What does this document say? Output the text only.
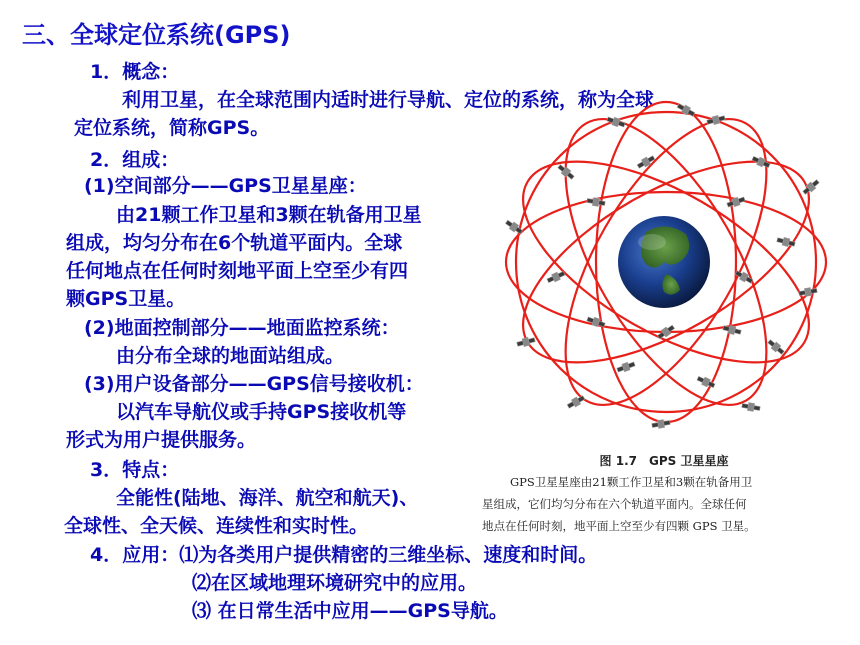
三、全球定位系统(GPS)
1．概念：
利用卫星，在全球范围内适时进行导航、定位的系统，称为全球
定位系统，简称GPS。
2．组成：
(1)空间部分——GPS卫星星座：
由21颗工作卫星和3颗在轨备用卫星
组成，均匀分布在6个轨道平面内。全球
任何地点在任何时刻地平面上空至少有四
颗GPS卫星。
(2)地面控制部分——地面监控系统：
由分布全球的地面站组成。
(3)用户设备部分——GPS信号接收机：
以汽车导航仪或手持GPS接收机等
形式为用户提供服务。
3．特点：
全能性(陆地、海洋、航空和航天)、
全球性、全天候、连续性和实时性。
4．应用：⑴为各类用户提供精密的三维坐标、速度和时间。
⑵在区域地理环境研究中的应用。
⑶ 在日常生活中应用——GPS导航。
图 1.7　GPS 卫星星座
GPS卫星星座由21颗工作卫星和3颗在轨备用卫
星组成，它们均匀分布在六个轨道平面内。全球任何
地点在任何时刻，地平面上空至少有四颗 GPS 卫星。
